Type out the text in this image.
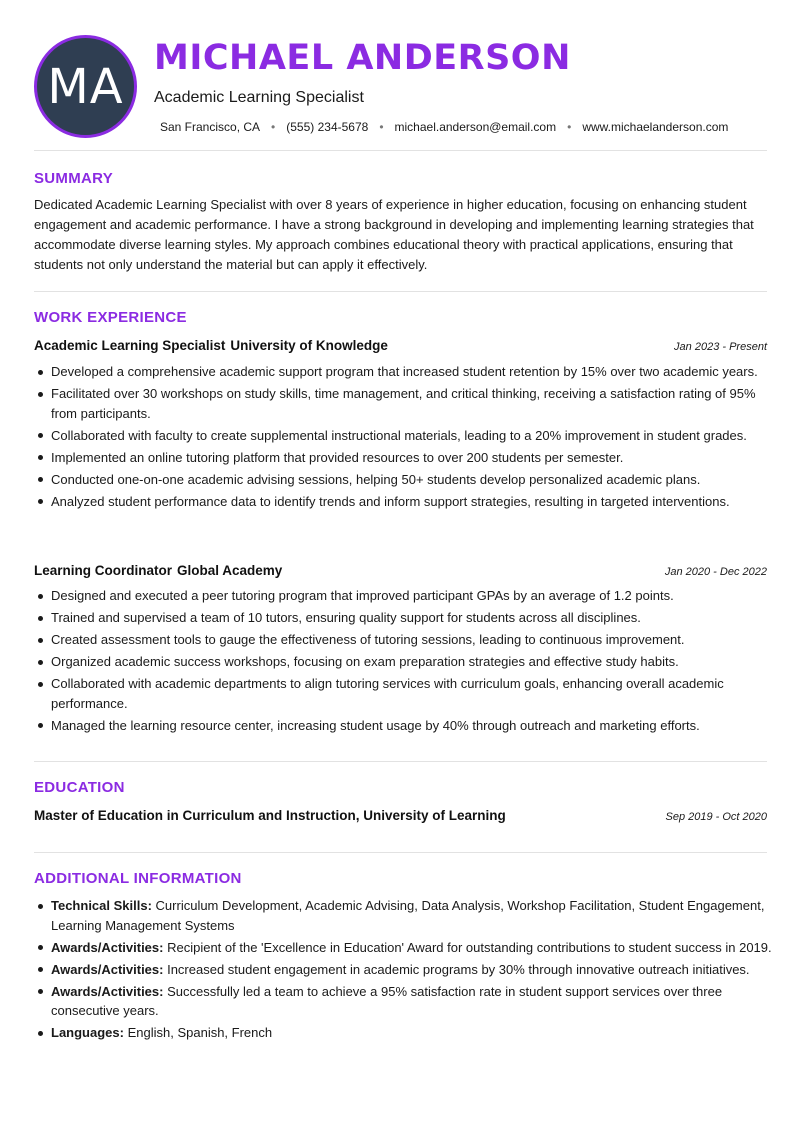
MA
MICHAEL ANDERSON
Academic Learning Specialist
San Francisco, CA • (555) 234-5678 • michael.anderson@email.com • www.michaelanderson.com
SUMMARY
Dedicated Academic Learning Specialist with over 8 years of experience in higher education, focusing on enhancing student engagement and academic performance. I have a strong background in developing and implementing learning strategies that accommodate diverse learning styles. My approach combines educational theory with practical applications, ensuring that students not only understand the material but can apply it effectively.
WORK EXPERIENCE
Academic Learning Specialist University of Knowledge	Jan 2023 - Present
Developed a comprehensive academic support program that increased student retention by 15% over two academic years.
Facilitated over 30 workshops on study skills, time management, and critical thinking, receiving a satisfaction rating of 95% from participants.
Collaborated with faculty to create supplemental instructional materials, leading to a 20% improvement in student grades.
Implemented an online tutoring platform that provided resources to over 200 students per semester.
Conducted one-on-one academic advising sessions, helping 50+ students develop personalized academic plans.
Analyzed student performance data to identify trends and inform support strategies, resulting in targeted interventions.
Learning Coordinator Global Academy	Jan 2020 - Dec 2022
Designed and executed a peer tutoring program that improved participant GPAs by an average of 1.2 points.
Trained and supervised a team of 10 tutors, ensuring quality support for students across all disciplines.
Created assessment tools to gauge the effectiveness of tutoring sessions, leading to continuous improvement.
Organized academic success workshops, focusing on exam preparation strategies and effective study habits.
Collaborated with academic departments to align tutoring services with curriculum goals, enhancing overall academic performance.
Managed the learning resource center, increasing student usage by 40% through outreach and marketing efforts.
EDUCATION
Master of Education in Curriculum and Instruction, University of Learning	Sep 2019 - Oct 2020
ADDITIONAL INFORMATION
Technical Skills: Curriculum Development, Academic Advising, Data Analysis, Workshop Facilitation, Student Engagement, Learning Management Systems
Awards/Activities: Recipient of the 'Excellence in Education' Award for outstanding contributions to student success in 2019.
Awards/Activities: Increased student engagement in academic programs by 30% through innovative outreach initiatives.
Awards/Activities: Successfully led a team to achieve a 95% satisfaction rate in student support services over three consecutive years.
Languages: English, Spanish, French
